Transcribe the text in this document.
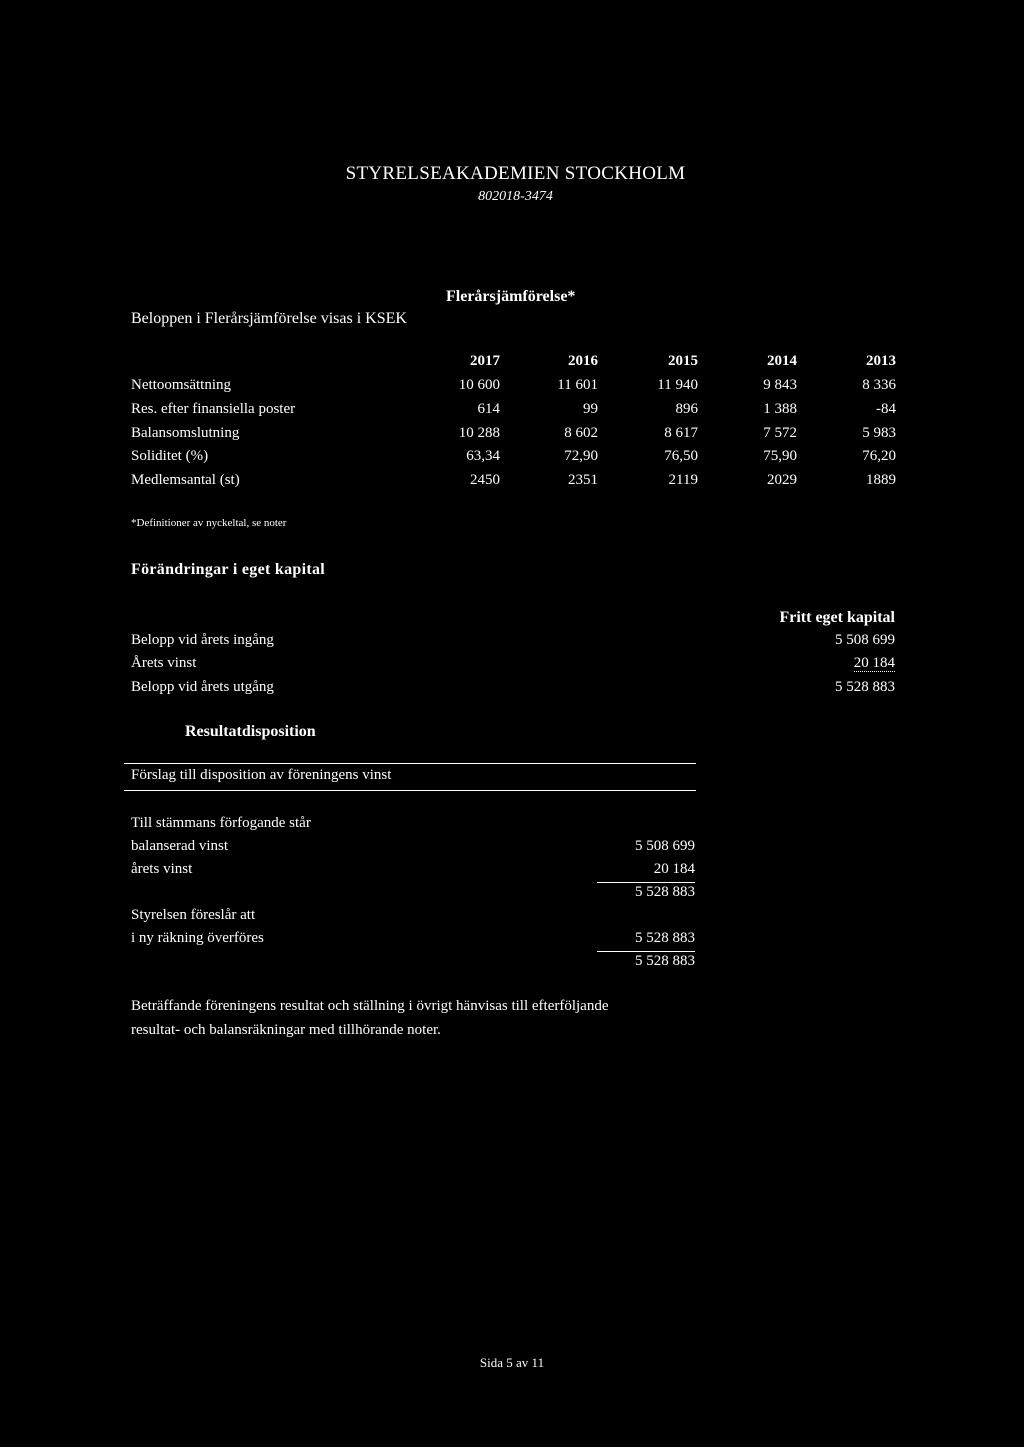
STYRELSEAKADEMIEN STOCKHOLM
802018-3474
Flerårsjämförelse*
Beloppen i Flerårsjämförelse visas i KSEK
2017	2016	2015	2014	2013
Nettoomsättning	10 600	11 601	11 940	9 843	8 336
Res. efter finansiella poster	614	99	896	1 388	-84
Balansomslutning	10 288	8 602	8 617	7 572	5 983
Soliditet (%)	63,34	72,90	76,50	75,90	76,20
Medlemsantal (st)	2450	2351	2119	2029	1889
*Definitioner av nyckeltal, se noter
Förändringar i eget kapital
Fritt eget kapital
Belopp vid årets ingång	5 508 699
Årets vinst	20 184
Belopp vid årets utgång	5 528 883
Resultatdisposition
Förslag till disposition av föreningens vinst
Till stämmans förfogande står
balanserad vinst	5 508 699
årets vinst	20 184
5 528 883
Styrelsen föreslår att
i ny räkning överföres	5 528 883
5 528 883
Beträffande föreningens resultat och ställning i övrigt hänvisas till efterföljande
resultat- och balansräkningar med tillhörande noter.
Sida 5 av 11
